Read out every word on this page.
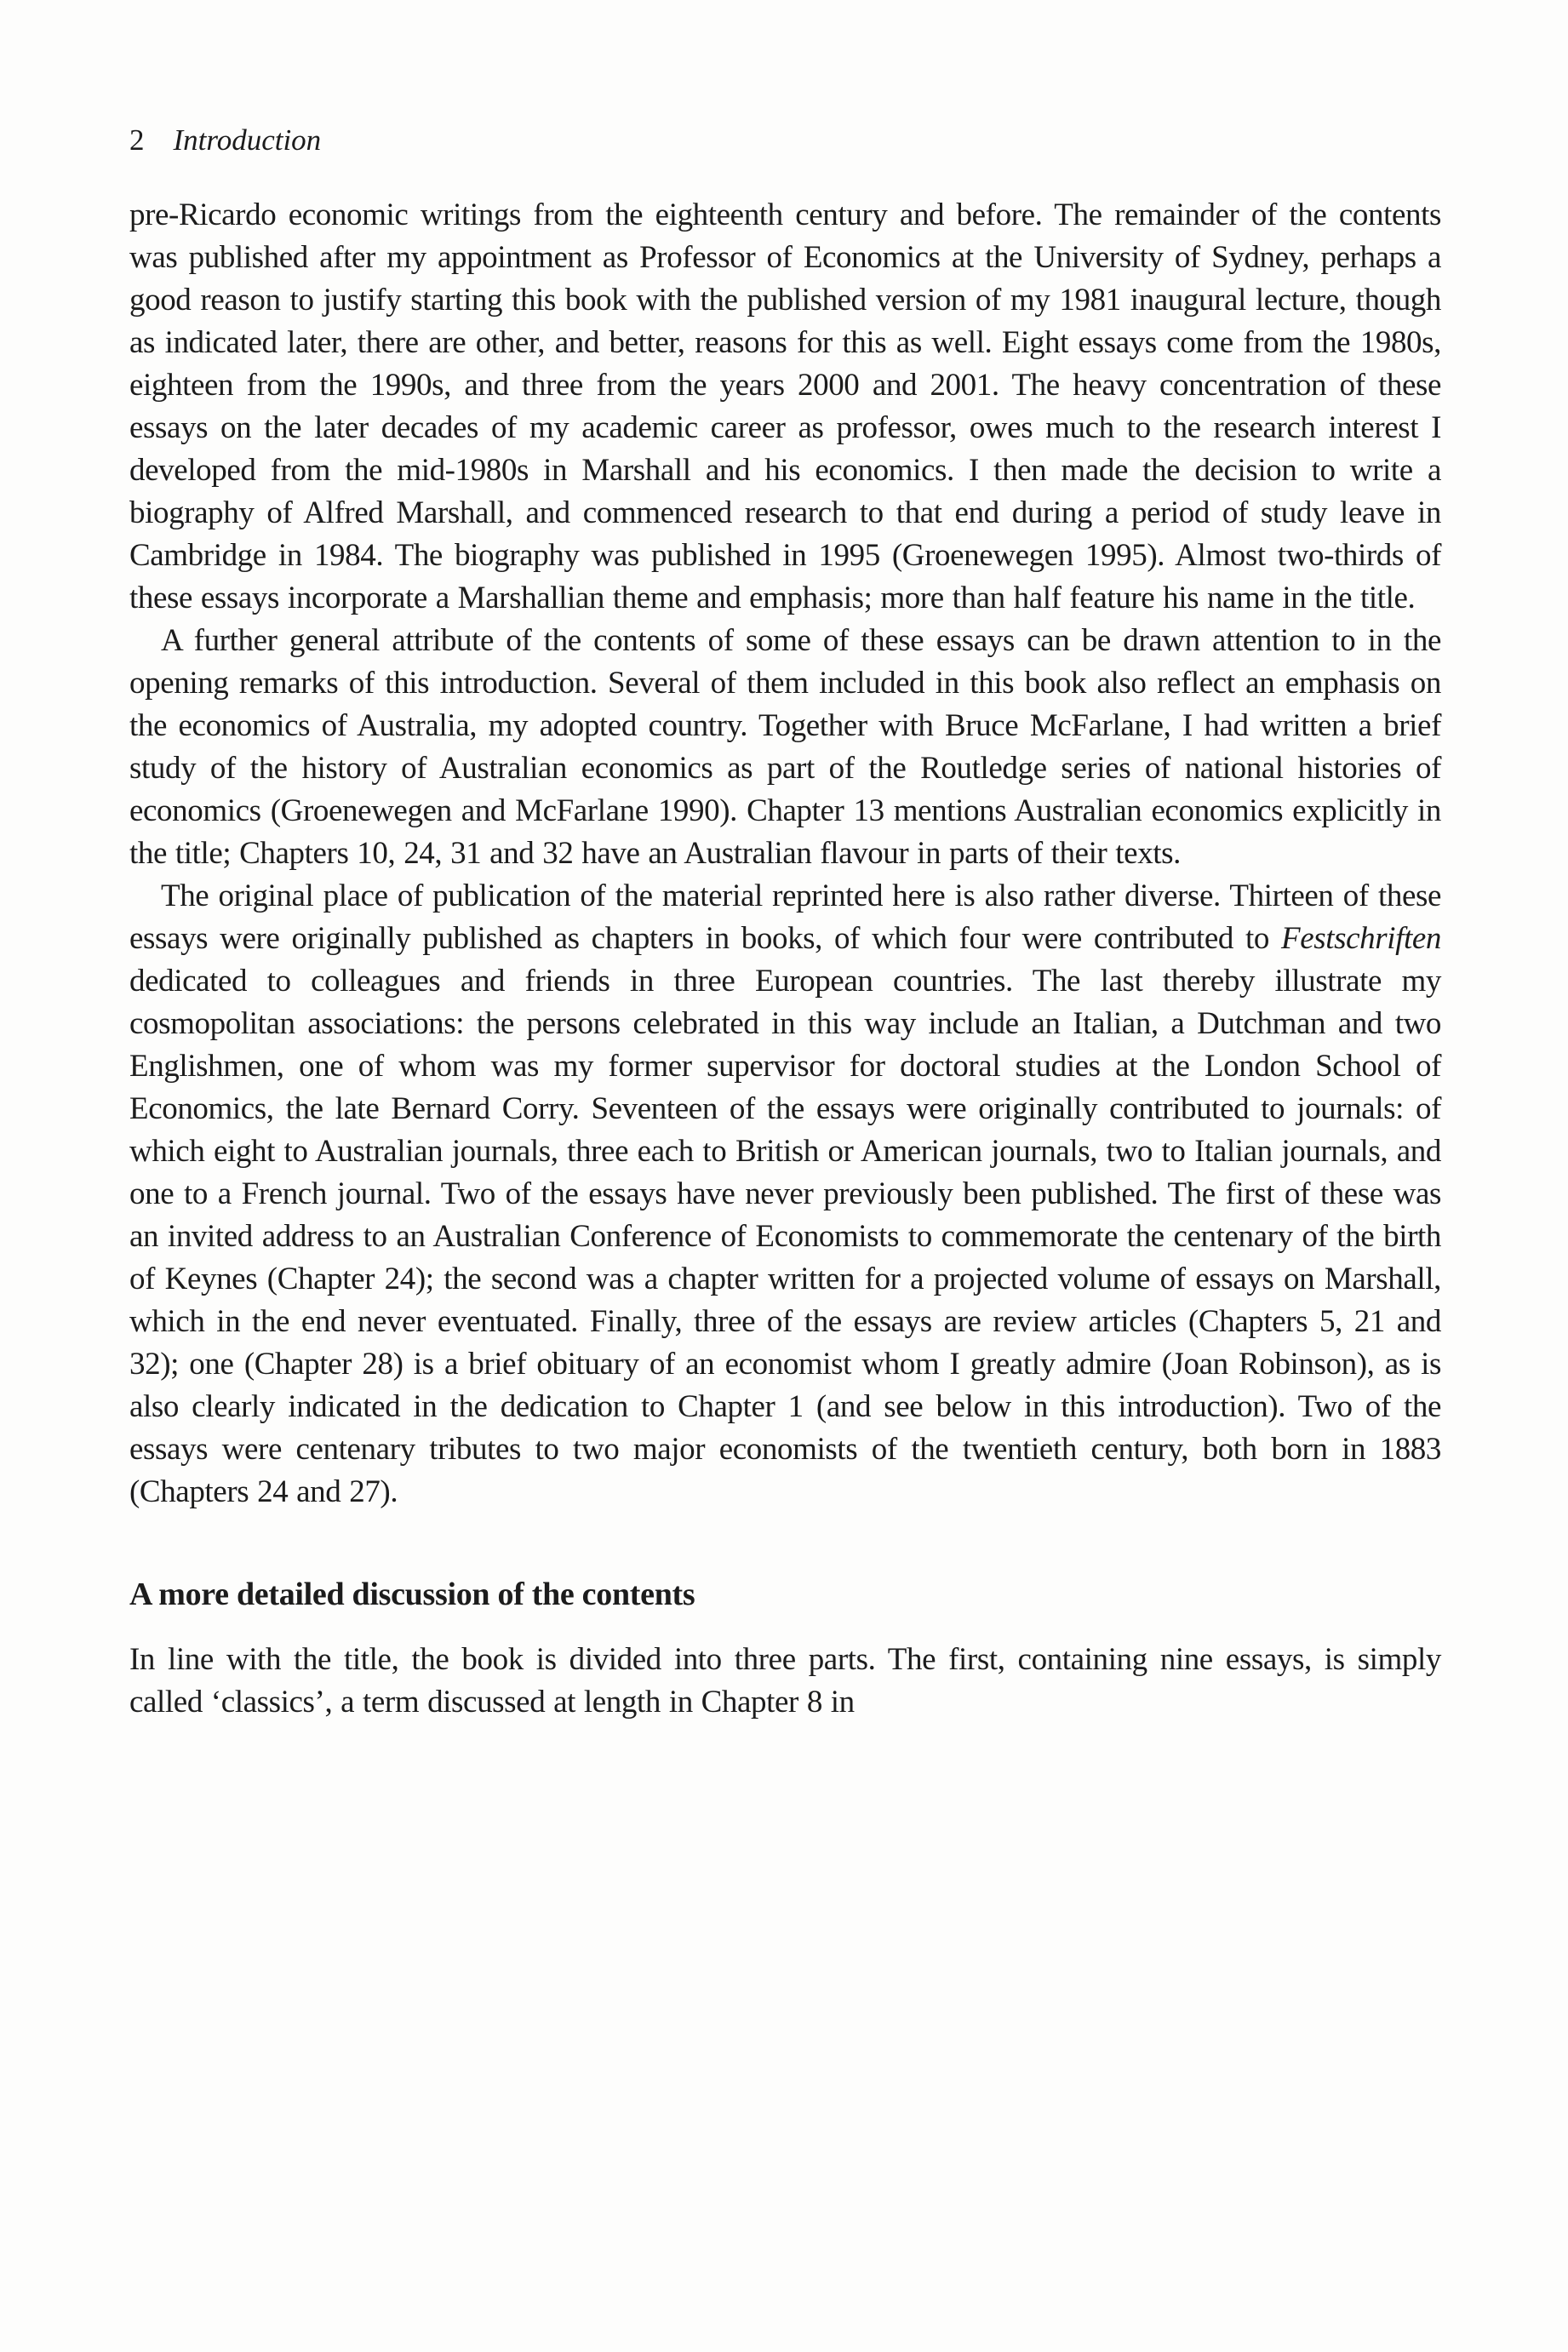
2 Introduction

pre-Ricardo economic writings from the eighteenth century and before. The remainder of the contents was published after my appointment as Professor of Economics at the University of Sydney, perhaps a good reason to justify starting this book with the published version of my 1981 inaugural lecture, though as indicated later, there are other, and better, reasons for this as well. Eight essays come from the 1980s, eighteen from the 1990s, and three from the years 2000 and 2001. The heavy concentration of these essays on the later decades of my academic career as professor, owes much to the research interest I developed from the mid-1980s in Marshall and his economics. I then made the decision to write a biography of Alfred Marshall, and commenced research to that end during a period of study leave in Cambridge in 1984. The biography was published in 1995 (Groenewegen 1995). Almost two-thirds of these essays incorporate a Marshallian theme and emphasis; more than half feature his name in the title.

A further general attribute of the contents of some of these essays can be drawn attention to in the opening remarks of this introduction. Several of them included in this book also reflect an emphasis on the economics of Australia, my adopted country. Together with Bruce McFarlane, I had written a brief study of the history of Australian economics as part of the Routledge series of national histories of economics (Groenewegen and McFarlane 1990). Chapter 13 mentions Australian economics explicitly in the title; Chapters 10, 24, 31 and 32 have an Australian flavour in parts of their texts.

The original place of publication of the material reprinted here is also rather diverse. Thirteen of these essays were originally published as chapters in books, of which four were contributed to Festschriften dedicated to colleagues and friends in three European countries. The last thereby illustrate my cosmopolitan associations: the persons celebrated in this way include an Italian, a Dutchman and two Englishmen, one of whom was my former supervisor for doctoral studies at the London School of Economics, the late Bernard Corry. Seventeen of the essays were originally contributed to journals: of which eight to Australian journals, three each to British or American journals, two to Italian journals, and one to a French journal. Two of the essays have never previously been published. The first of these was an invited address to an Australian Conference of Economists to commemorate the centenary of the birth of Keynes (Chapter 24); the second was a chapter written for a projected volume of essays on Marshall, which in the end never eventuated. Finally, three of the essays are review articles (Chapters 5, 21 and 32); one (Chapter 28) is a brief obituary of an economist whom I greatly admire (Joan Robinson), as is also clearly indicated in the dedication to Chapter 1 (and see below in this introduction). Two of the essays were centenary tributes to two major economists of the twentieth century, both born in 1883 (Chapters 24 and 27).

A more detailed discussion of the contents

In line with the title, the book is divided into three parts. The first, containing nine essays, is simply called ‘classics’, a term discussed at length in Chapter 8 in
